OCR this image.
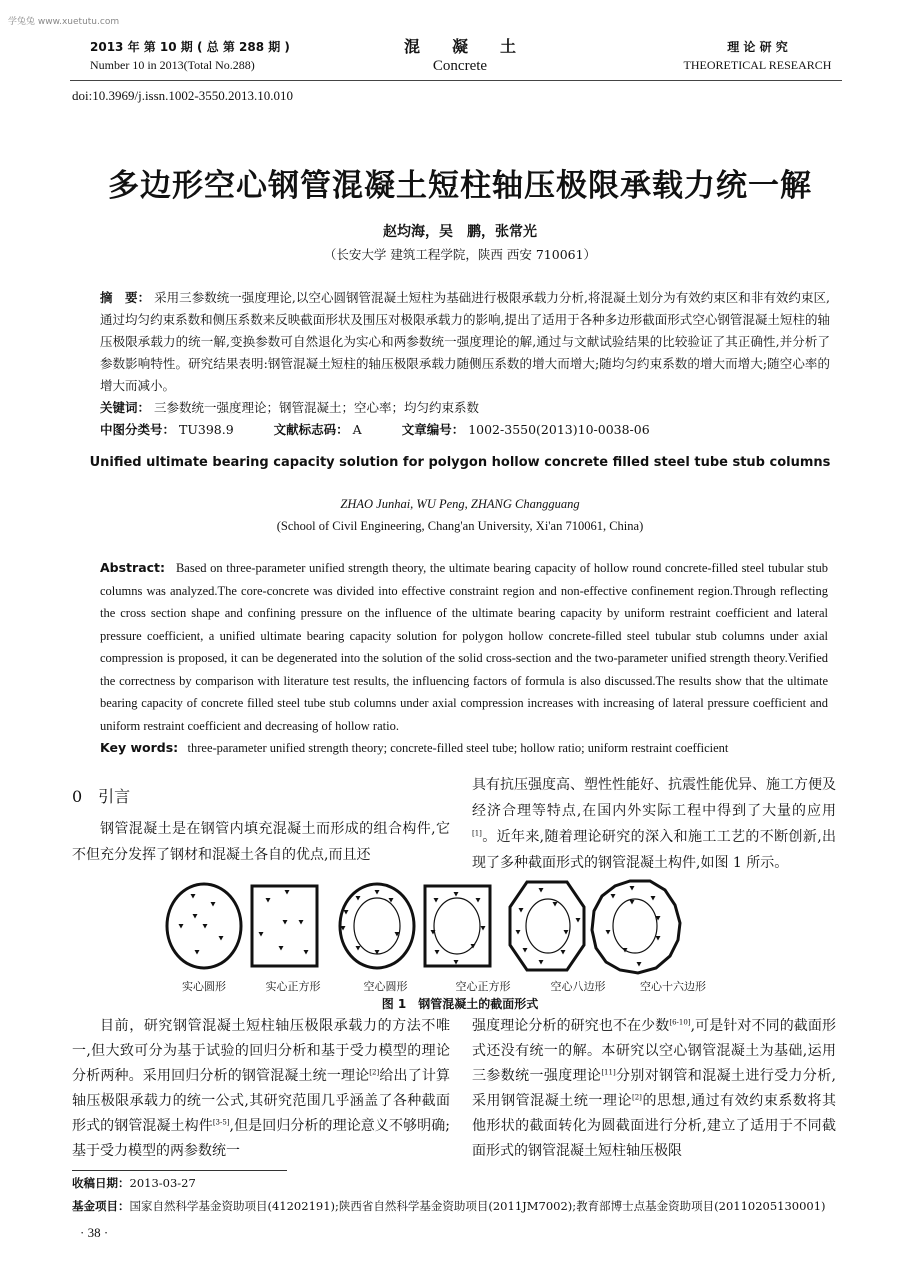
学兔兔 www.xuetutu.com
2013 年 第 10 期 ( 总 第 288 期 )
Number 10 in 2013(Total No.288)
混　　凝　　土
Concrete
理 论 研 究
THEORETICAL RESEARCH
doi:10.3969/j.issn.1002-3550.2013.10.010
多边形空心钢管混凝土短柱轴压极限承载力统一解
赵均海，吴　鹏，张常光
（长安大学 建筑工程学院，陕西 西安 710061）
摘　要： 采用三参数统一强度理论,以空心圆钢管混凝土短柱为基础进行极限承载力分析,将混凝土划分为有效约束区和非有效约束区,通过均匀约束系数和侧压系数来反映截面形状及围压对极限承载力的影响,提出了适用于各种多边形截面形式空心钢管混凝土短柱的轴压极限承载力的统一解,变换参数可自然退化为实心和两参数统一强度理论的解,通过与文献试验结果的比较验证了其正确性,并分析了参数影响特性。研究结果表明:钢管混凝土短柱的轴压极限承载力随侧压系数的增大而增大;随均匀约束系数的增大而增大;随空心率的增大而减小。
关键词： 三参数统一强度理论；钢管混凝土；空心率；均匀约束系数
中图分类号： TU398.9	文献标志码： A	文章编号： 1002-3550(2013)10-0038-06
Unified ultimate bearing capacity solution for polygon hollow concrete filled steel tube stub columns
ZHAO Junhai, WU Peng, ZHANG Changguang
(School of Civil Engineering, Chang'an University, Xi'an 710061, China)
Abstract: Based on three-parameter unified strength theory, the ultimate bearing capacity of hollow round concrete-filled steel tubular stub columns was analyzed.The core-concrete was divided into effective constraint region and non-effective confinement region.Through reflecting the cross section shape and confining pressure on the influence of the ultimate bearing capacity by uniform restraint coefficient and lateral pressure coefficient, a unified ultimate bearing capacity solution for polygon hollow concrete-filled steel tubular stub columns under axial compression is proposed, it can be degenerated into the solution of the solid cross-section and the two-parameter unified strength theory.Verified the correctness by comparison with literature test results, the influencing factors of formula is also discussed.The results show that the ultimate bearing capacity of concrete filled steel tube stub columns under axial compression increases with increasing of lateral pressure coefficient and uniform restraint coefficient and decreasing of hollow ratio.
Key words: three-parameter unified strength theory; concrete-filled steel tube; hollow ratio; uniform restraint coefficient
0　引言
钢管混凝土是在钢管内填充混凝土而形成的组合构件,它不但充分发挥了钢材和混凝土各自的优点,而且还
具有抗压强度高、塑性性能好、抗震性能优异、施工方便及经济合理等特点,在国内外实际工程中得到了大量的应用[1]。近年来,随着理论研究的深入和施工工艺的不断创新,出现了多种截面形式的钢管混凝土构件,如图 1 所示。
实心圆形	实心正方形	空心圆形	空心正方形	空心八边形	空心十六边形
图 1　钢管混凝土的截面形式
目前，研究钢管混凝土短柱轴压极限承载力的方法不唯一,但大致可分为基于试验的回归分析和基于受力模型的理论分析两种。采用回归分析的钢管混凝土统一理论[2]给出了计算轴压极限承载力的统一公式,其研究范围几乎涵盖了各种截面形式的钢管混凝土构件[3-5],但是回归分析的理论意义不够明确;基于受力模型的两参数统一
强度理论分析的研究也不在少数[6-10],可是针对不同的截面形式还没有统一的解。本研究以空心钢管混凝土为基础,运用三参数统一强度理论[11]分别对钢管和混凝土进行受力分析,采用钢管混凝土统一理论[2]的思想,通过有效约束系数将其他形状的截面转化为圆截面进行分析,建立了适用于不同截面形式的钢管混凝土短柱轴压极限
收稿日期：2013-03-27
基金项目：国家自然科学基金资助项目(41202191);陕西省自然科学基金资助项目(2011JM7002);教育部博士点基金资助项目(20110205130001)
· 38 ·
